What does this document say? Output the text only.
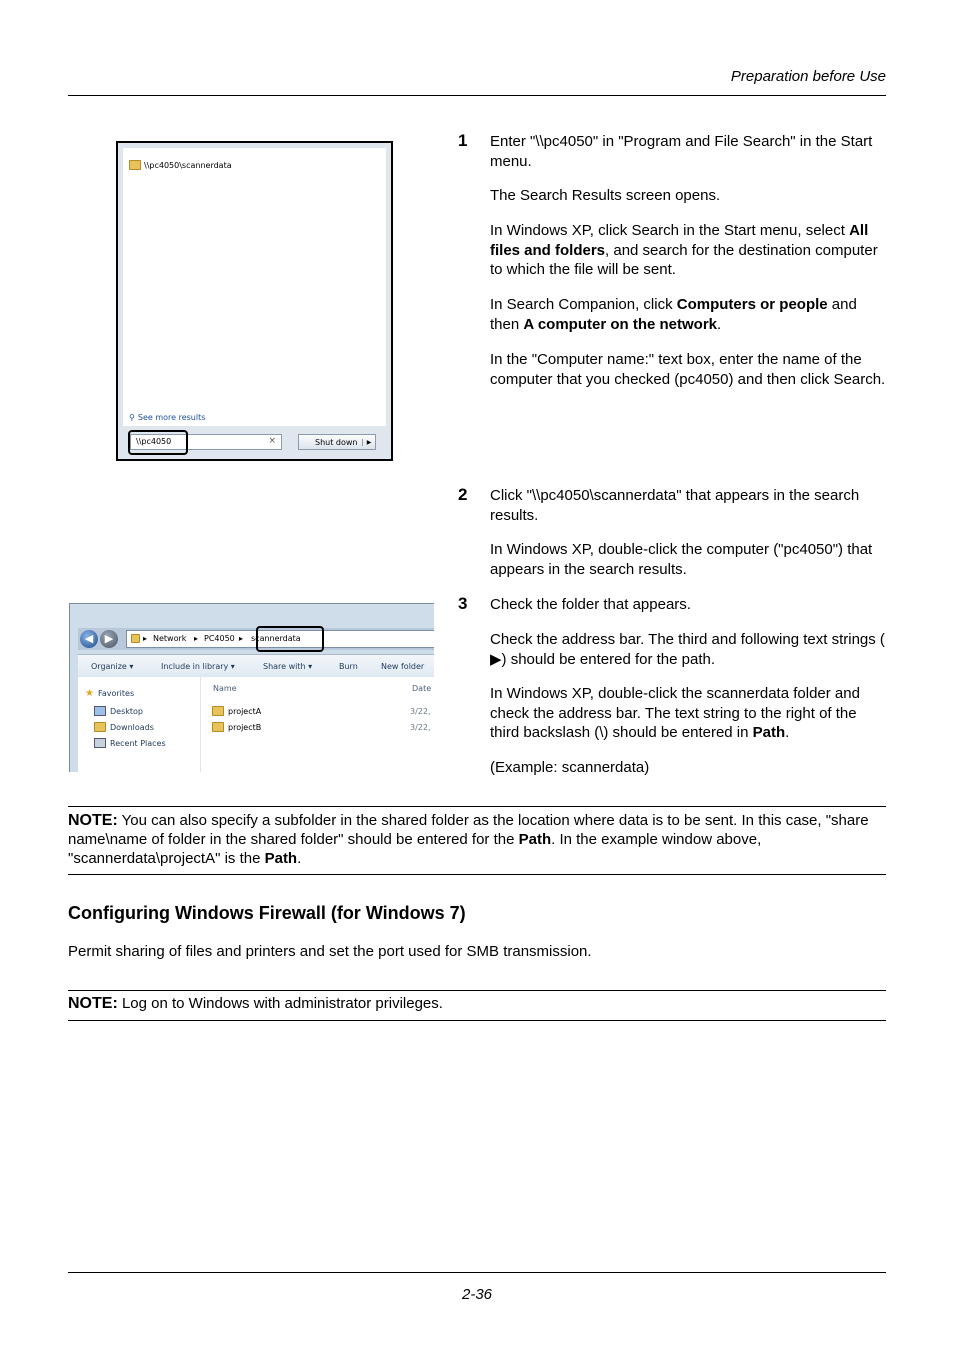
Preparation before Use
\\pc4050\scannerdata
⚲ See more results
\\pc4050	×	Shut down	▶
1 Enter "\\pc4050" in "Program and File Search" in the Start menu.
The Search Results screen opens.
In Windows XP, click Search in the Start menu, select All files and folders, and search for the destination computer to which the file will be sent.
In Search Companion, click Computers or people and then A computer on the network.
In the "Computer name:" text box, enter the name of the computer that you checked (pc4050) and then click Search.
2 Click "\\pc4050\scannerdata" that appears in the search results.
In Windows XP, double-click the computer ("pc4050") that appears in the search results.
◀	▶	▸ Network ▸ PC4050 ▸ scannerdata
Organize ▾	Include in library ▾	Share with ▾	Burn	New folder
★ Favorites
Desktop
Downloads
Recent Places
Name	Date
projectA	3/22,
projectB	3/22,
3 Check the folder that appears.
Check the address bar. The third and following text strings ( ▶) should be entered for the path.
In Windows XP, double-click the scannerdata folder and check the address bar. The text string to the right of the third backslash (\) should be entered in Path.
(Example: scannerdata)
NOTE: You can also specify a subfolder in the shared folder as the location where data is to be sent. In this case, "share name\name of folder in the shared folder" should be entered for the Path. In the example window above, "scannerdata\projectA" is the Path.
Configuring Windows Firewall (for Windows 7)
Permit sharing of files and printers and set the port used for SMB transmission.
NOTE: Log on to Windows with administrator privileges.
2-36
